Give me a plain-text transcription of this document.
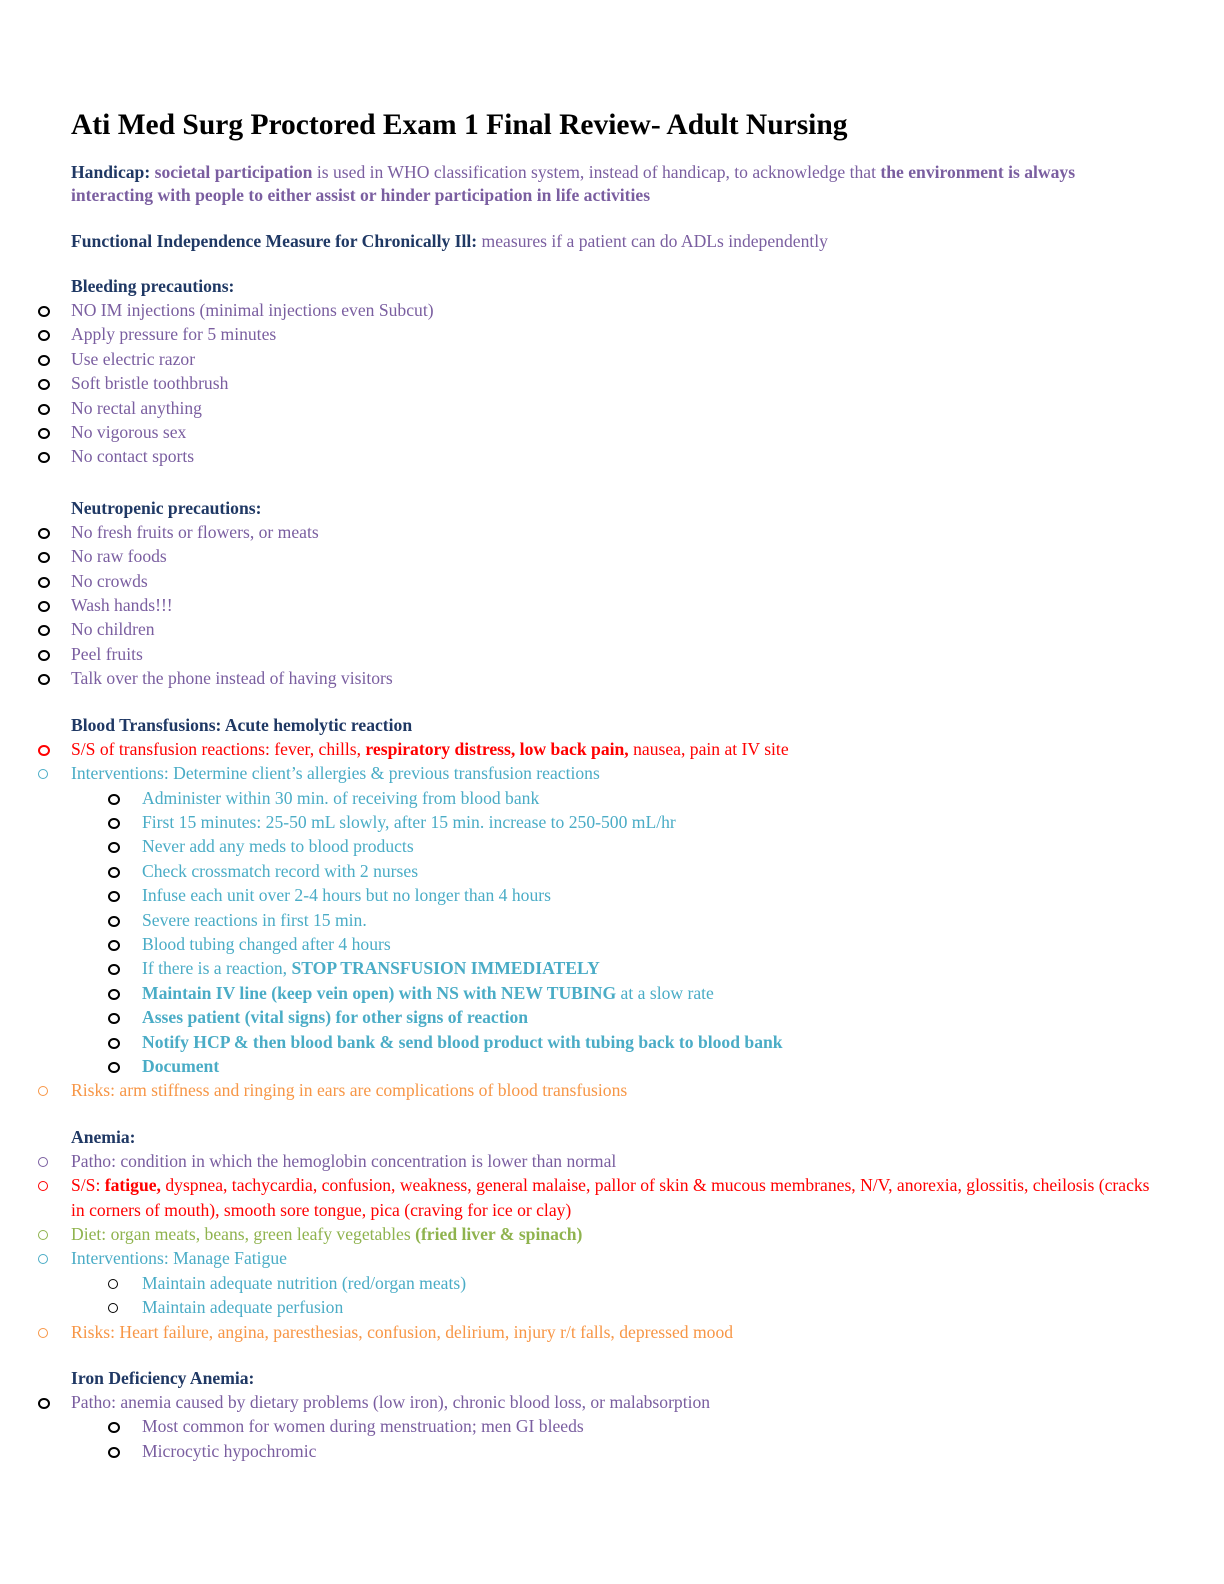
Ati Med Surg Proctored Exam 1 Final Review- Adult Nursing

Handicap: societal participation is used in WHO classification system, instead of handicap, to acknowledge that the environment is always interacting with people to either assist or hinder participation in life activities

Functional Independence Measure for Chronically Ill: measures if a patient can do ADLs independently

Bleeding precautions:

NO IM injections (minimal injections even Subcut)
Apply pressure for 5 minutes
Use electric razor
Soft bristle toothbrush
No rectal anything
No vigorous sex
No contact sports

Neutropenic precautions:

No fresh fruits or flowers, or meats
No raw foods
No crowds
Wash hands!!!
No children
Peel fruits
Talk over the phone instead of having visitors

Blood Transfusions: Acute hemolytic reaction

S/S of transfusion reactions: fever, chills, respiratory distress, low back pain, nausea, pain at IV site
Interventions: Determine client’s allergies & previous transfusion reactions
Administer within 30 min. of receiving from blood bank
First 15 minutes: 25-50 mL slowly, after 15 min. increase to 250-500 mL/hr
Never add any meds to blood products
Check crossmatch record with 2 nurses
Infuse each unit over 2-4 hours but no longer than 4 hours
Severe reactions in first 15 min.
Blood tubing changed after 4 hours
If there is a reaction, STOP TRANSFUSION IMMEDIATELY
Maintain IV line (keep vein open) with NS with NEW TUBING at a slow rate
Asses patient (vital signs) for other signs of reaction
Notify HCP & then blood bank & send blood product with tubing back to blood bank
Document
Risks: arm stiffness and ringing in ears are complications of blood transfusions

Anemia:

Patho: condition in which the hemoglobin concentration is lower than normal
S/S: fatigue, dyspnea, tachycardia, confusion, weakness, general malaise, pallor of skin & mucous membranes, N/V, anorexia, glossitis, cheilosis (cracks in corners of mouth), smooth sore tongue, pica (craving for ice or clay)
Diet: organ meats, beans, green leafy vegetables (fried liver & spinach)
Interventions: Manage Fatigue
Maintain adequate nutrition (red/organ meats)
Maintain adequate perfusion
Risks: Heart failure, angina, paresthesias, confusion, delirium, injury r/t falls, depressed mood

Iron Deficiency Anemia:

Patho: anemia caused by dietary problems (low iron), chronic blood loss, or malabsorption
Most common for women during menstruation; men GI bleeds
Microcytic hypochromic
